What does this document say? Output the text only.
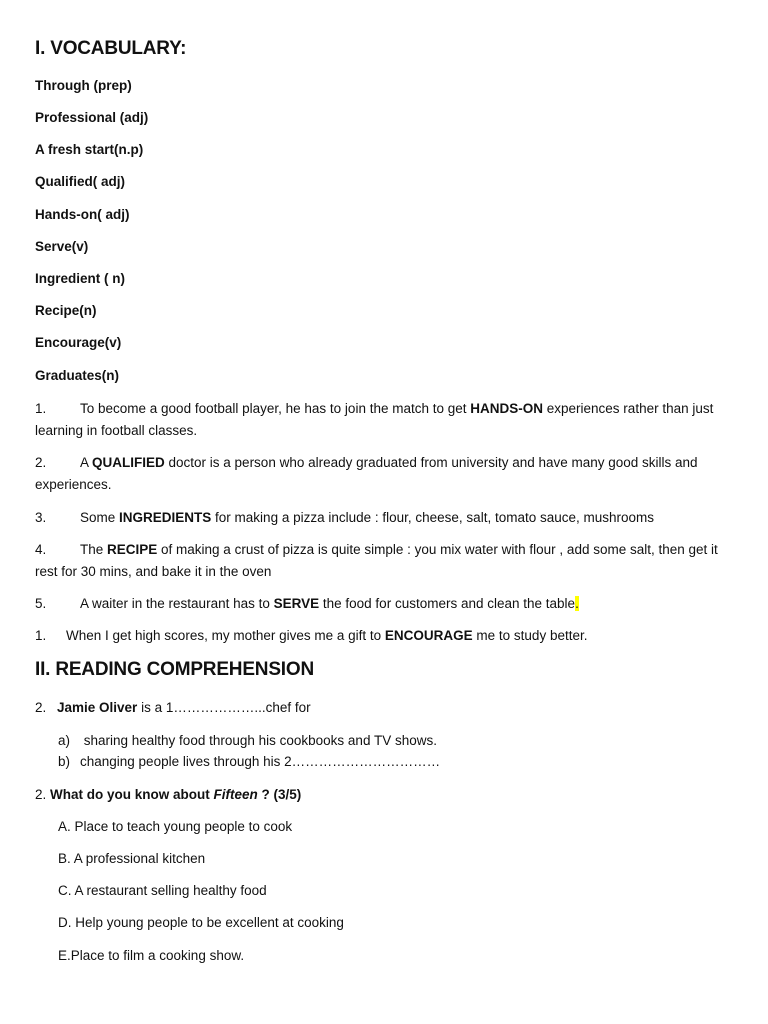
I. VOCABULARY:
Through (prep)
Professional (adj)
A fresh start(n.p)
Qualified( adj)
Hands-on( adj)
Serve(v)
Ingredient ( n)
Recipe(n)
Encourage(v)
Graduates(n)
1. To become a good football player, he has to join the match to get HANDS-ON experiences rather than just
learning in football classes.
2. A QUALIFIED doctor is a person who already graduated from university and have many good skills and
experiences.
3. Some INGREDIENTS for making a pizza include : flour, cheese, salt, tomato sauce, mushrooms
4. The RECIPE of making a crust of pizza is quite simple : you mix water with flour , add some salt, then get it
rest for 30 mins, and bake it in the oven
5. A waiter in the restaurant has to SERVE the food for customers and clean the table.
1. When I get high scores, my mother gives me a gift to ENCOURAGE me to study better.
II. READING COMPREHENSION
2. Jamie Oliver is a 1………………...chef for
a) sharing healthy food through his cookbooks and TV shows.
b) changing people lives through his 2……………………………
2. What do you know about Fifteen ? (3/5)
A. Place to teach young people to cook
B. A professional kitchen
C. A restaurant selling healthy food
D. Help young people to be excellent at cooking
E.Place to film a cooking show.
